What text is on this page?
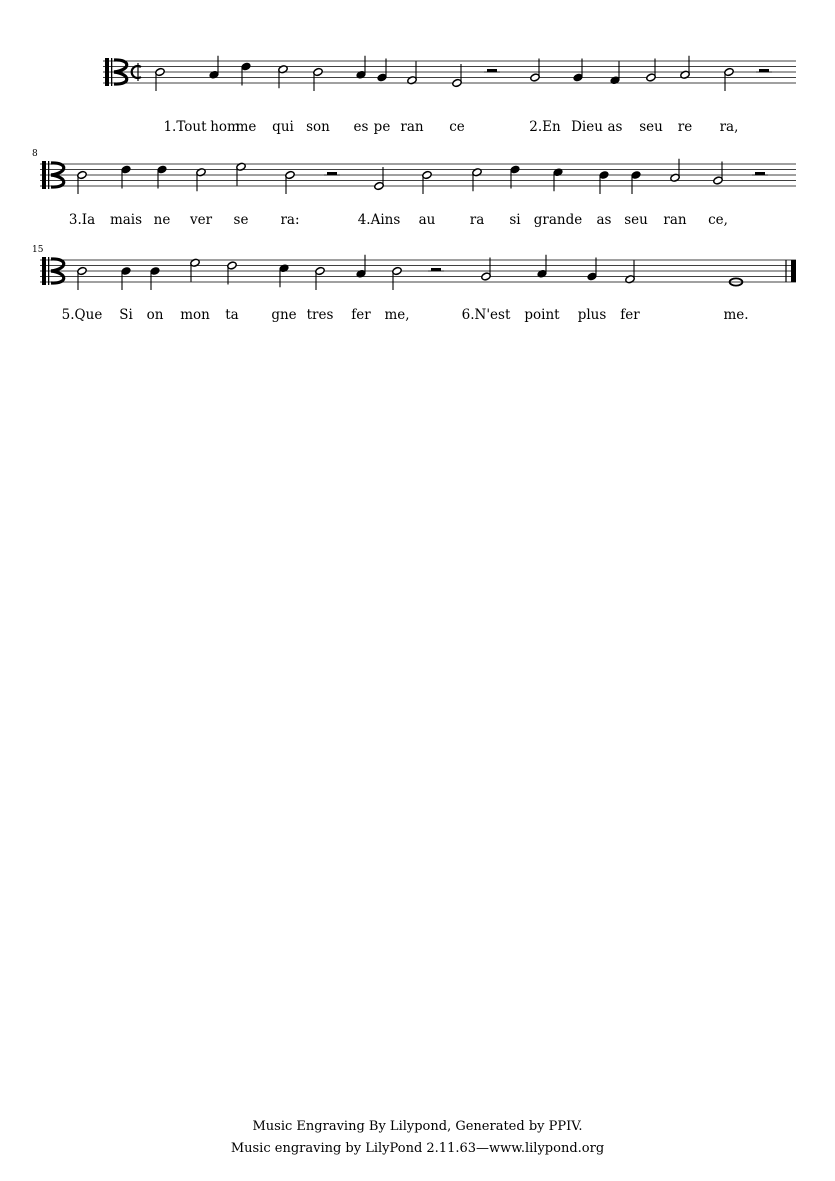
1.Tout hom
me qui son es pe ran ce	2.En Dieu as seu re ra,
8
3.Ia mais ne ver se ra:	4.Ains au	ra si grande as seu ran ce,
15
5.Que Si on mon ta gne tres fer me,	6.N'est point plus fer	me.
Music Engraving By Lilypond, Generated by PPIV.
Music engraving by LilyPond 2.11.63—www.lilypond.org
